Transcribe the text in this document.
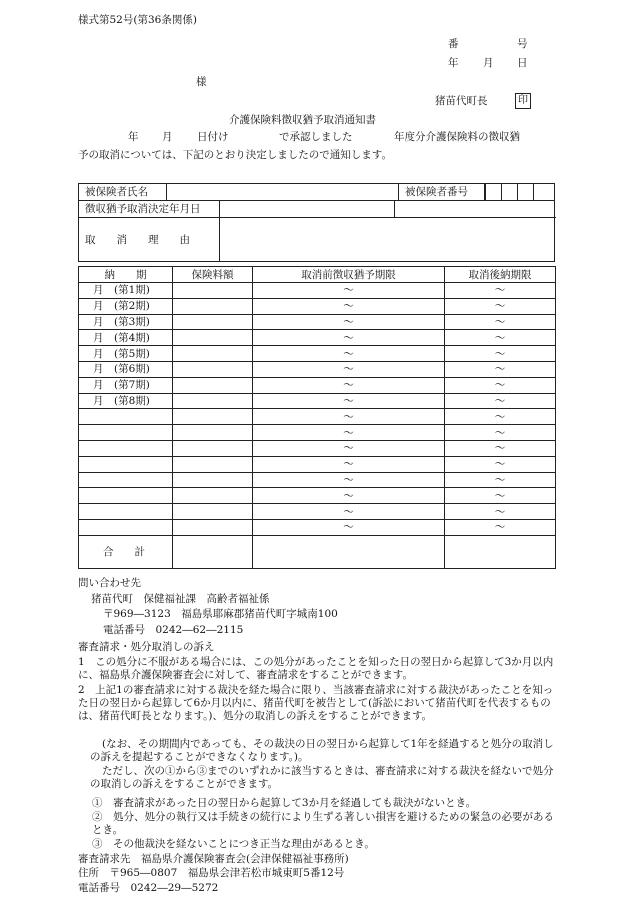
様式第52号(第36条関係)
番	号
年 月 日
様
猪苗代町長	印
介護保険料徴収猶予取消通知書
年 月 日付け	で承認しました	年度分介護保険料の徴収猶
予の取消については、下記のとおり決定しましたので通知します。
被保険者氏名	被保険者番号
徴収猶予取消決定年月日
取　　消　　理　　由
納　　期	保険料額	取消前徴収猶予期限	取消後納期限
月　(第1期)		～	～
月　(第2期)		～	～
月　(第3期)		～	～
月　(第4期)		～	～
月　(第5期)		～	～
月　(第6期)		～	～
月　(第7期)		～	～
月　(第8期)		～	～
		～	～
		～	～
		～	～
		～	～
		～	～
		～	～
		～	～
		～	～
合　　計			
問い合わせ先
猪苗代町　保健福祉課　高齢者福祉係
〒969―3123　福島県耶麻郡猪苗代町字城南100
電話番号　0242―62―2115
審査請求・処分取消しの訴え
1　この処分に不服がある場合には、この処分があったことを知った日の翌日から起算して3か月以内に、福島県介護保険審査会に対して、審査請求をすることができます。
2　上記1の審査請求に対する裁決を経た場合に限り、当該審査請求に対する裁決があったことを知った日の翌日から起算して6か月以内に、猪苗代町を被告として(訴訟において猪苗代町を代表するものは、猪苗代町長となります。)、処分の取消しの訴えをすることができます。
(なお、その期間内であっても、その裁決の日の翌日から起算して1年を経過すると処分の取消しの訴えを提起することができなくなります。)。
ただし、次の①から③までのいずれかに該当するときは、審査請求に対する裁決を経ないで処分の取消しの訴えをすることができます。
①　審査請求があった日の翌日から起算して3か月を経過しても裁決がないとき。
②　処分、処分の執行又は手続きの続行により生ずる著しい損害を避けるための緊急の必要があるとき。
③　その他裁決を経ないことにつき正当な理由があるとき。
審査請求先　福島県介護保険審査会(会津保健福祉事務所)
住所　〒965―0807　福島県会津若松市城東町5番12号
電話番号　0242―29―5272
